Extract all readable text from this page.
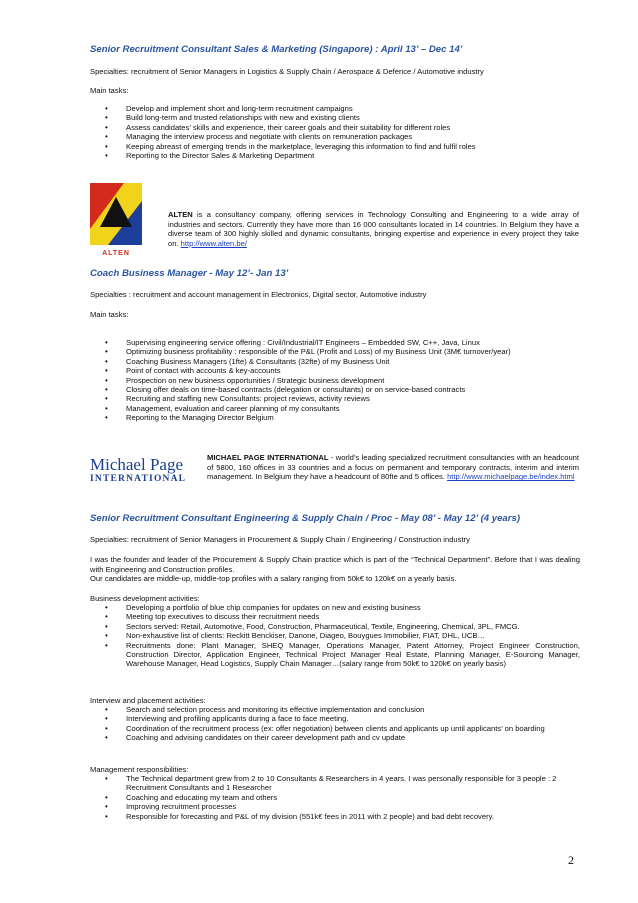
Senior Recruitment Consultant Sales & Marketing (Singapore) : April 13’ – Dec 14’
Specialties: recruitment of Senior Managers in Logistics & Supply Chain / Aerospace & Defence / Automotive industry
Main tasks:
• Develop and implement short and long-term recruitment campaigns
• Build long-term and trusted relationships with new and existing clients
• Assess candidates’ skills and experience, their career goals and their suitability for different roles
• Managing the interview process and negotiate with clients on remuneration packages
• Keeping abreast of emerging trends in the marketplace, leveraging this information to find and fulfil roles
• Reporting to the Director Sales & Marketing Department
ALTEN
ALTEN is a consultancy company, offering services in Technology Consulting and Engineering to a wide array of industries and sectors. Currently they have more than 16 000 consultants located in 14 countries. In Belgium they have a diverse team of 300 highly skilled and dynamic consultants, bringing expertise and experience in every project they take on. http://www.alten.be/
Coach Business Manager - May 12’- Jan 13’
Specialties : recruitment and account management in Electronics, Digital sector, Automotive industry
Main tasks:
• Supervising engineering service offering : Civil/Industrial/IT Engineers – Embedded SW, C++, Java, Linux
• Optimizing business profitability : responsible of the P&L (Profit and Loss) of my Business Unit (3M€ turnover/year)
• Coaching Business Managers (1fte) & Consultants (32fte) of my Business Unit
• Point of contact with accounts & key-accounts
• Prospection on new business opportunities / Strategic business development
• Closing offer deals on time-based contracts (delegation or consultants) or on service-based contracts
• Recruiting and staffing new Consultants: project reviews, activity reviews
• Management, evaluation and career planning of my consultants
• Reporting to the Managing Director Belgium
Michael Page
INTERNATIONAL
MICHAEL PAGE INTERNATIONAL - world’s leading specialized recruitment consultancies with an headcount of 5800, 160 offices in 33 countries and a focus on permanent and temporary contracts, interim and interim management. In Belgium they have a headcount of 80fte and 5 offices. http://www.michaelpage.be/index.html
Senior Recruitment Consultant Engineering & Supply Chain / Proc - May 08’ - May 12’ (4 years)
Specialties: recruitment of Senior Managers in Procurement & Supply Chain / Engineering / Construction industry
I was the founder and leader of the Procurement & Supply Chain practice which is part of the “Technical Department”. Before that I was dealing with Engineering and Construction profiles.
Our candidates are middle-up, middle-top profiles with a salary ranging from 50k€ to 120k€ on a yearly basis.
Business development activities:
• Developing a portfolio of blue chip companies for updates on new and existing business
• Meeting top executives to discuss their recruitment needs
• Sectors served: Retail, Automotive, Food, Construction, Pharmaceutical, Textile, Engineering, Chemical, 3PL, FMCG.
• Non-exhaustive list of clients: Reckitt Benckiser, Danone, Diageo, Bouygues Immobilier, FIAT, DHL, UCB…
• Recruitments done: Plant Manager, SHEQ Manager, Operations Manager, Patent Attorney, Project Engineer Construction, Construction Director, Application Engineer, Technical Project Manager Real Estate, Planning Manager, E-Sourcing Manager, Warehouse Manager, Head Logistics, Supply Chain Manager…(salary range from 50k€ to 120k€ on yearly basis)
Interview and placement activities:
• Search and selection process and monitoring its effective implementation and conclusion
• Interviewing and profiling applicants during a face to face meeting.
• Coordination of the recruitment process (ex: offer negotiation) between clients and applicants up until applicants’ on boarding
• Coaching and advising candidates on their career development path and cv update
Management responsibilities:
• The Technical department grew from 2 to 10 Consultants & Researchers in 4 years. I was personally responsible for 3 people : 2 Recruitment Consultants and 1 Researcher
• Coaching and educating my team and others
• Improving recruitment processes
• Responsible for forecasting and P&L of my division (551k€ fees in 2011 with 2 people) and bad debt recovery.
2
